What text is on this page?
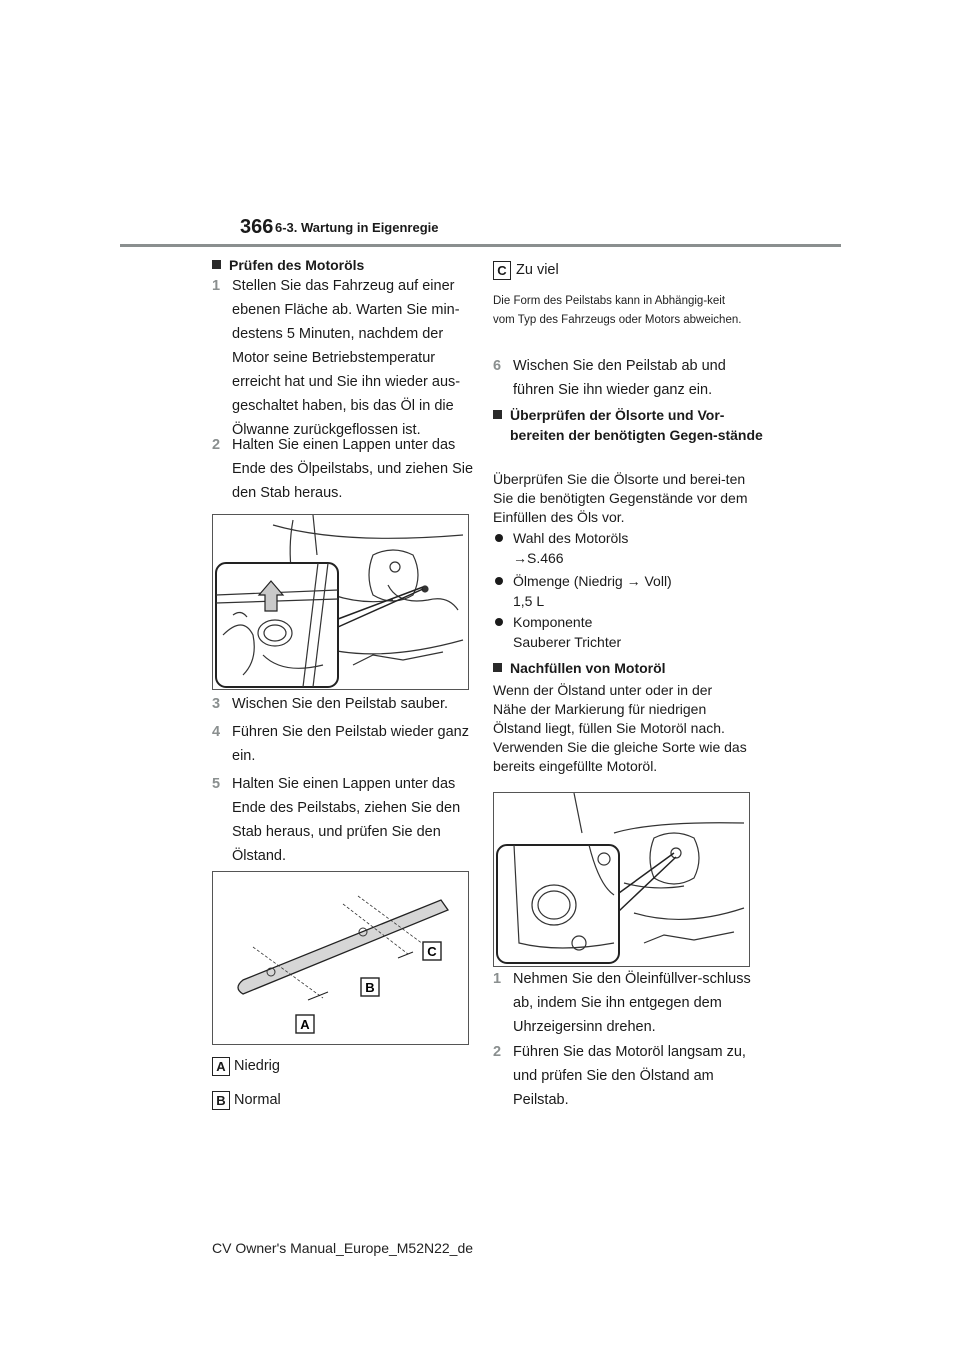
366 6-3. Wartung in Eigenregie
Prüfen des Motoröls
1 Stellen Sie das Fahrzeug auf einer ebenen Fläche ab. Warten Sie min-destens 5 Minuten, nachdem der Motor seine Betriebstemperatur erreicht hat und Sie ihn wieder aus-geschaltet haben, bis das Öl in die Ölwanne zurückgeflossen ist.
2 Halten Sie einen Lappen unter das Ende des Ölpeilstabs, und ziehen Sie den Stab heraus.
3 Wischen Sie den Peilstab sauber.
4 Führen Sie den Peilstab wieder ganz ein.
5 Halten Sie einen Lappen unter das Ende des Peilstabs, ziehen Sie den Stab heraus, und prüfen Sie den Ölstand.
A
B
C
A Niedrig
B Normal
C Zu viel
Die Form des Peilstabs kann in Abhängig-keit vom Typ des Fahrzeugs oder Motors abweichen.
6 Wischen Sie den Peilstab ab und führen Sie ihn wieder ganz ein.
Überprüfen der Ölsorte und Vor-bereiten der benötigten Gegen-stände
Überprüfen Sie die Ölsorte und berei-ten Sie die benötigten Gegenstände vor dem Einfüllen des Öls vor.
Wahl des Motoröls
→S.466
Ölmenge (Niedrig → Voll)
1,5 L
Komponente
Sauberer Trichter
Nachfüllen von Motoröl
Wenn der Ölstand unter oder in der Nähe der Markierung für niedrigen Ölstand liegt, füllen Sie Motoröl nach. Verwenden Sie die gleiche Sorte wie das bereits eingefüllte Motoröl.
1 Nehmen Sie den Öleinfüllver-schluss ab, indem Sie ihn entgegen dem Uhrzeigersinn drehen.
2 Führen Sie das Motoröl langsam zu, und prüfen Sie den Ölstand am Peilstab.
CV Owner's Manual_Europe_M52N22_de
